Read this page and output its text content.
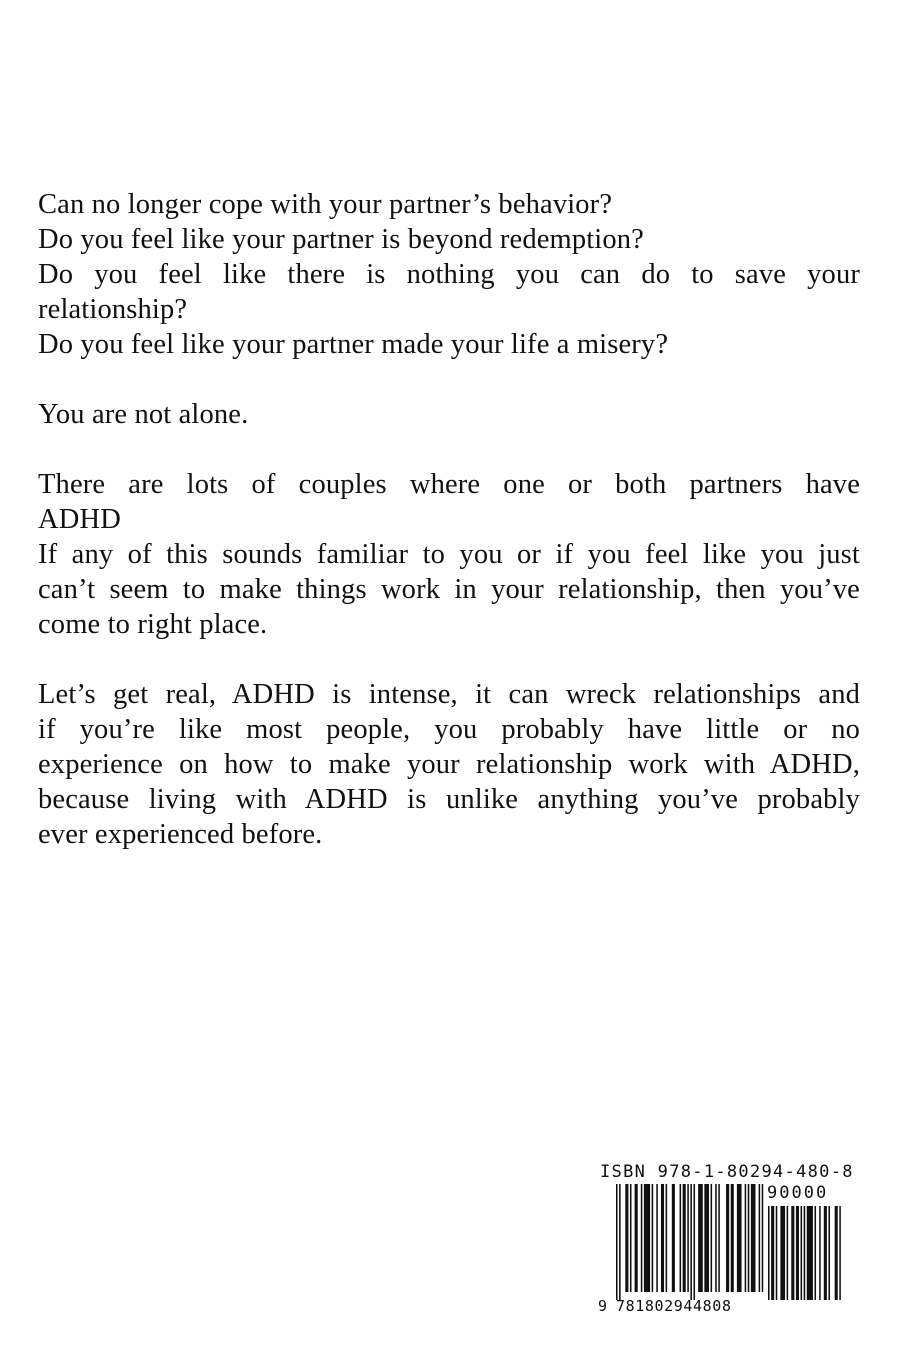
Can no longer cope with your partner’s behavior?
Do you feel like your partner is beyond redemption?
Do you feel like there is nothing you can do to save your
relationship?
Do you feel like your partner made your life a misery?

You are not alone.

There are lots of couples where one or both partners have
ADHD
If any of this sounds familiar to you or if you feel like you just
can’t seem to make things work in your relationship, then you’ve
come to right place.

Let’s get real, ADHD is intense, it can wreck relationships and
if you’re like most people, you probably have little or no
experience on how to make your relationship work with ADHD,
because living with ADHD is unlike anything you’ve probably
ever experienced before.

ISBN 978-1-80294-480-8
90000
9 781802944808
